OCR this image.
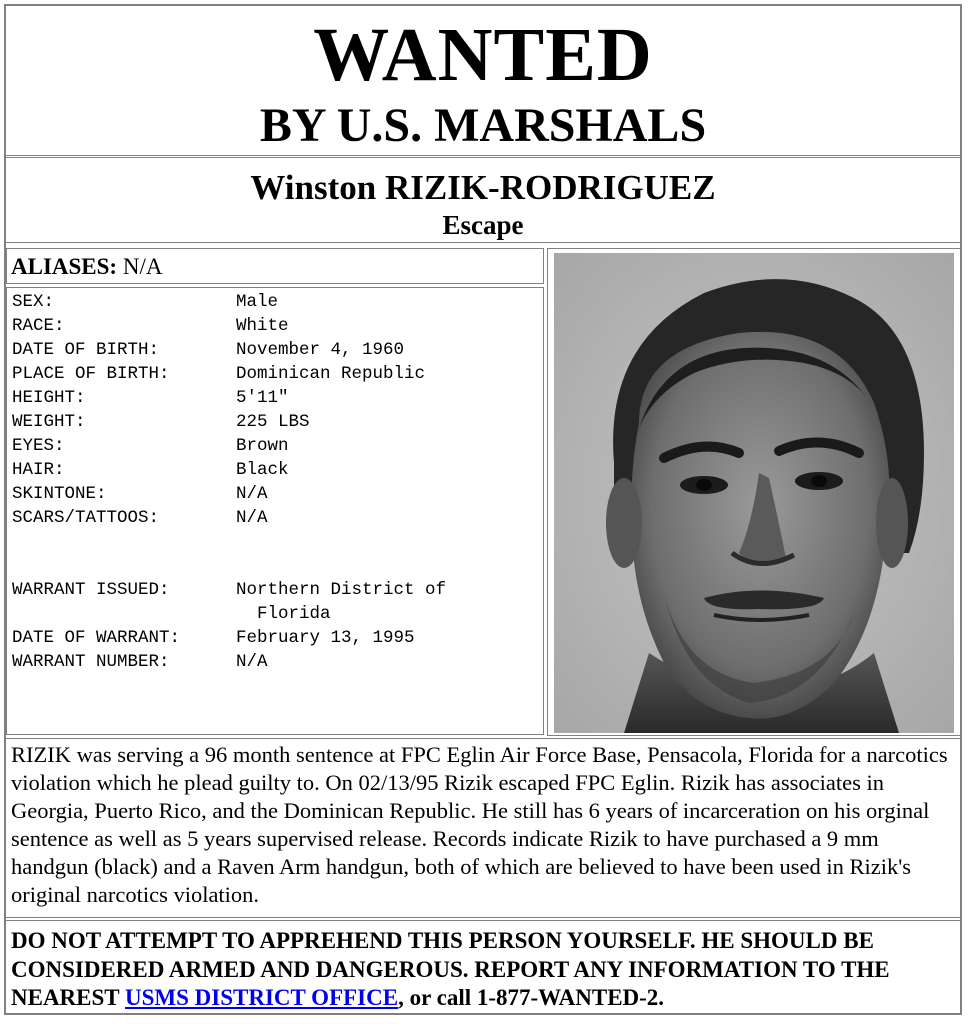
WANTED
BY U.S. MARSHALS
Winston RIZIK-RODRIGUEZ
Escape
ALIASES: N/A
SEX:	Male
RACE:	White
DATE OF BIRTH:	November 4, 1960
PLACE OF BIRTH:	Dominican Republic
HEIGHT:	5'11"
WEIGHT:	225 LBS
EYES:	Brown
HAIR:	Black
SKINTONE:	N/A
SCARS/TATTOOS:	N/A
WARRANT ISSUED:	Northern District of
Florida
DATE OF WARRANT:	February 13, 1995
WARRANT NUMBER:	N/A
RIZIK was serving a 96 month sentence at FPC Eglin Air Force Base, Pensacola, Florida for a narcotics violation which he plead guilty to. On 02/13/95 Rizik escaped FPC Eglin. Rizik has associates in Georgia, Puerto Rico, and the Dominican Republic. He still has 6 years of incarceration on his orginal sentence as well as 5 years supervised release. Records indicate Rizik to have purchased a 9 mm handgun (black) and a Raven Arm handgun, both of which are believed to have been used in Rizik's original narcotics violation.
DO NOT ATTEMPT TO APPREHEND THIS PERSON YOURSELF. HE SHOULD BE CONSIDERED ARMED AND DANGEROUS. REPORT ANY INFORMATION TO THE NEAREST USMS DISTRICT OFFICE, or call 1-877-WANTED-2.
